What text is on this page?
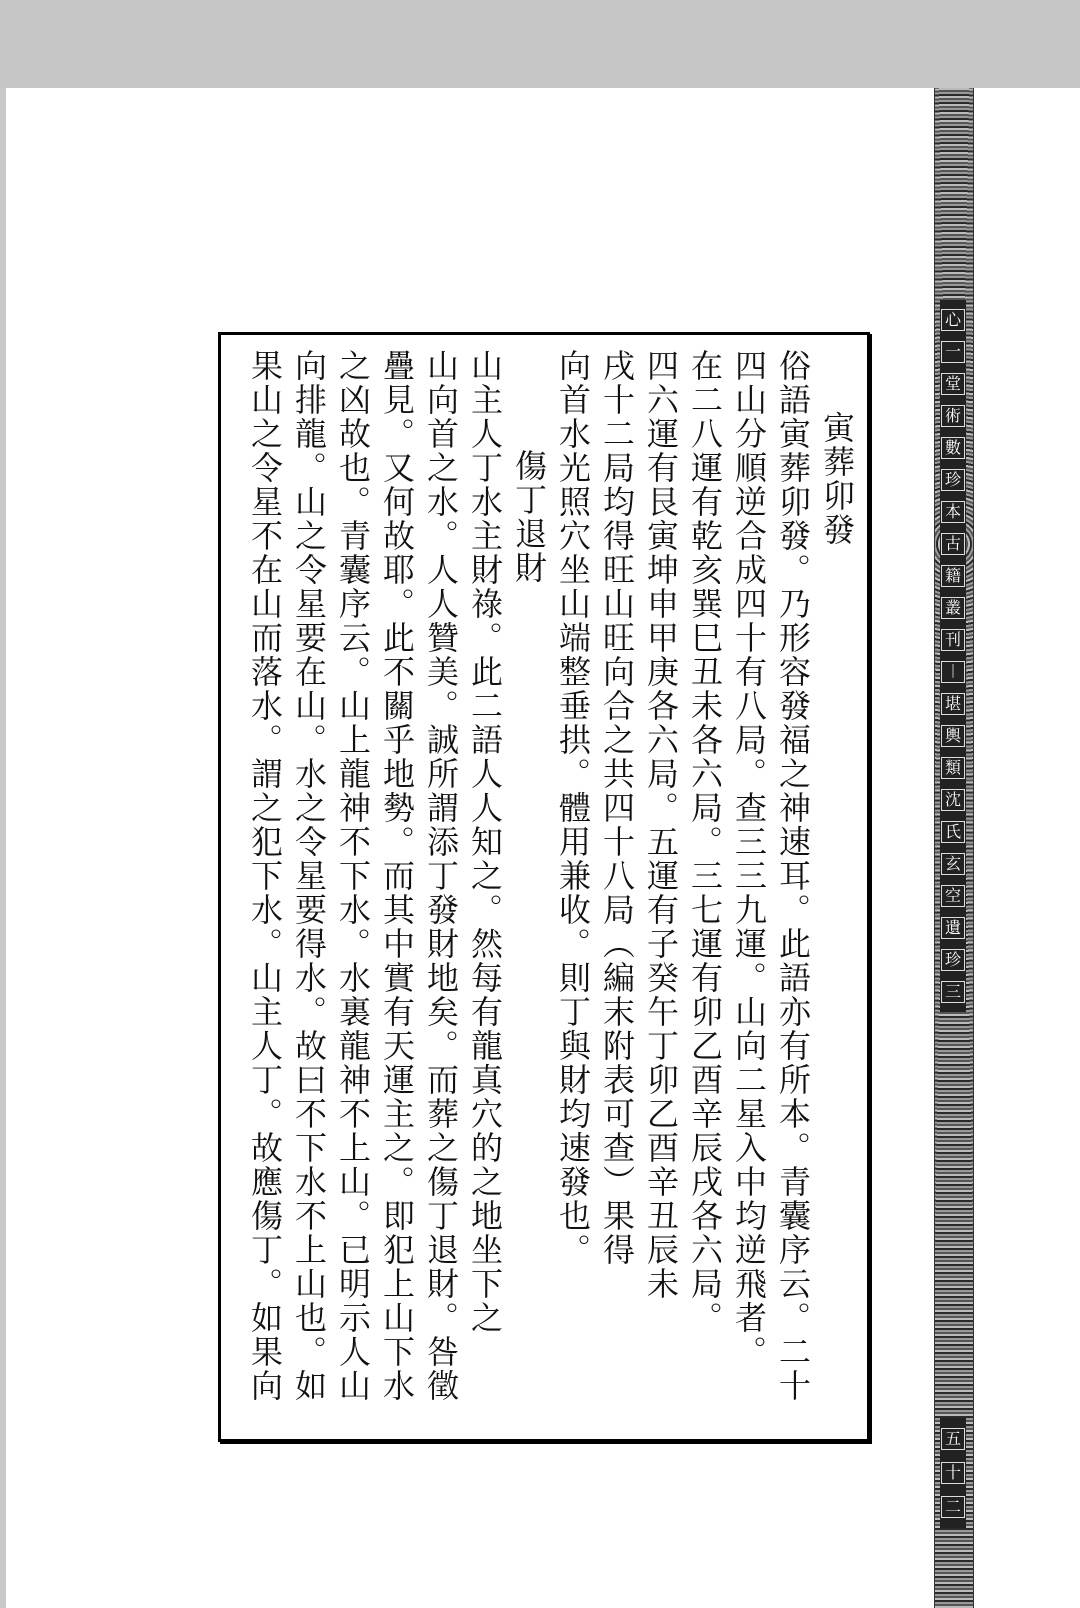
寅葬卯發

俗語寅葬卯發。乃形容發福之神速耳。此語亦有所本。青囊序云。二十

四山分順逆合成四十有八局。查三三九運。山向二星入中均逆飛者。

在二八運有乾亥巽巳丑未各六局。三七運有卯乙酉辛辰戌各六局。

四六運有艮寅坤申甲庚各六局。五運有子癸午丁卯乙酉辛丑辰未

戌十二局均得旺山旺向合之共四十八局（編末附表可查）果得

向首水光照穴坐山端整垂拱。體用兼收。則丁與財均速發也。

傷丁退財

山主人丁水主財祿。此二語人人知之。然每有龍真穴的之地坐下之

山向首之水。人人贊美。誠所謂添丁發財地矣。而葬之傷丁退財。咎徵

疊見。又何故耶。此不關乎地勢。而其中實有天運主之。即犯上山下水

之凶故也。青囊序云。山上龍神不下水。水裏龍神不上山。已明示人山

向排龍。山之令星要在山。水之令星要得水。故曰不下水不上山也。如

果山之令星不在山而落水。謂之犯下水。山主人丁。故應傷丁。如果向

心
一
堂
術
數
珍
本
古
籍
叢
刊
︱
堪
輿
類
沈
氏
玄
空
遺
珍
三
五
十
二
